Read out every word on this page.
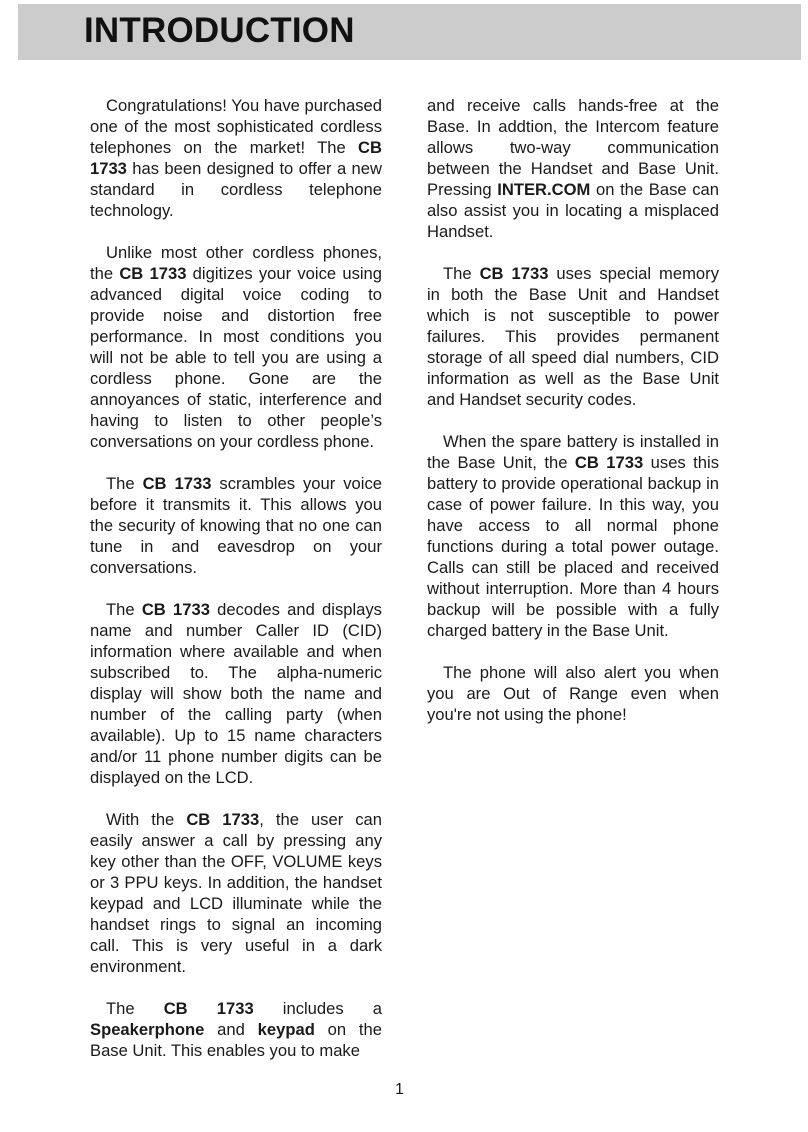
INTRODUCTION

Congratulations! You have purchased one of the most sophisticated cordless telephones on the market! The CB 1733 has been designed to offer a new standard in cordless telephone technology.

Unlike most other cordless phones, the CB 1733 digitizes your voice using advanced digital voice coding to provide noise and distortion free performance. In most conditions you will not be able to tell you are using a cordless phone. Gone are the annoyances of static, interference and having to listen to other people’s conversations on your cordless phone.

The CB 1733 scrambles your voice before it transmits it. This allows you the security of knowing that no one can tune in and eavesdrop on your conversations.

The CB 1733 decodes and displays name and number Caller ID (CID) information where available and when subscribed to. The alpha-numeric display will show both the name and number of the calling party (when available). Up to 15 name characters and/or 11 phone number digits can be displayed on the LCD.

With the CB 1733, the user can easily answer a call by pressing any key other than the OFF, VOLUME keys or 3 PPU keys. In addition, the handset keypad and LCD illuminate while the handset rings to signal an incoming call. This is very useful in a dark environment.

The CB 1733 includes a Speakerphone and keypad on the Base Unit. This enables you to make

and receive calls hands-free at the Base. In addtion, the Intercom feature allows two-way communication between the Handset and Base Unit. Pressing INTER.COM on the Base can also assist you in locating a misplaced Handset.

The CB 1733 uses special memory in both the Base Unit and Handset which is not susceptible to power failures. This provides permanent storage of all speed dial numbers, CID information as well as the Base Unit and Handset security codes.

When the spare battery is installed in the Base Unit, the CB 1733 uses this battery to provide operational backup in case of power failure. In this way, you have access to all normal phone functions during a total power outage. Calls can still be placed and received without interruption. More than 4 hours backup will be possible with a fully charged battery in the Base Unit.

The phone will also alert you when you are Out of Range even when you're not using the phone!

1
